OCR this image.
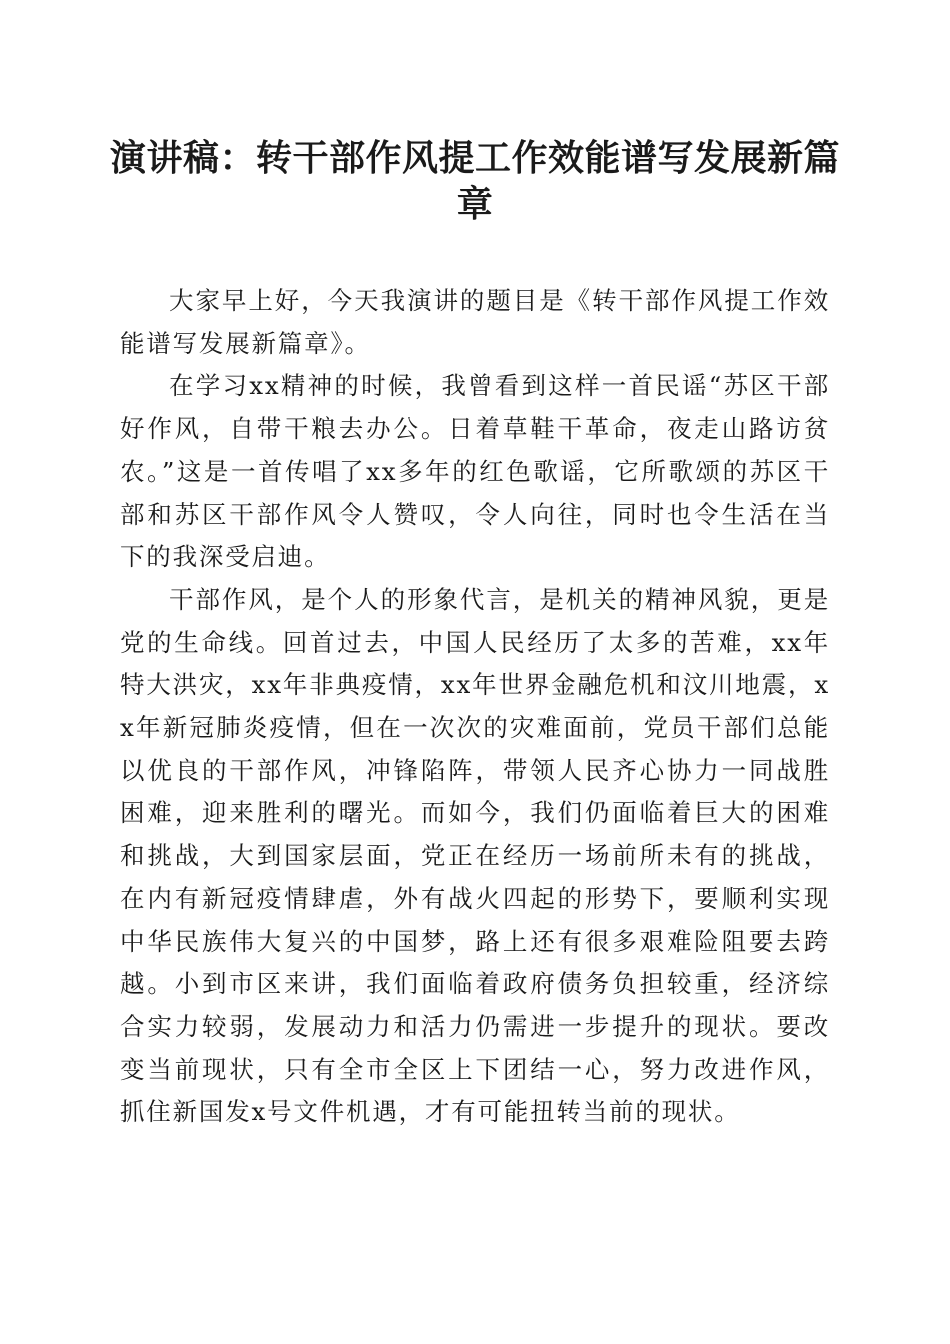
演讲稿：转干部作风提工作效能谱写发展新篇章

大家早上好，今天我演讲的题目是《转干部作风提工作效能谱写发展新篇章》。

在学习xx精神的时候，我曾看到这样一首民谣“苏区干部好作风，自带干粮去办公。日着草鞋干革命，夜走山路访贫农。”这是一首传唱了xx多年的红色歌谣，它所歌颂的苏区干部和苏区干部作风令人赞叹，令人向往，同时也令生活在当下的我深受启迪。

干部作风，是个人的形象代言，是机关的精神风貌，更是党的生命线。回首过去，中国人民经历了太多的苦难，xx年特大洪灾，xx年非典疫情，xx年世界金融危机和汶川地震，xx年新冠肺炎疫情，但在一次次的灾难面前，党员干部们总能以优良的干部作风，冲锋陷阵，带领人民齐心协力一同战胜困难，迎来胜利的曙光。而如今，我们仍面临着巨大的困难和挑战，大到国家层面，党正在经历一场前所未有的挑战，在内有新冠疫情肆虐，外有战火四起的形势下，要顺利实现中华民族伟大复兴的中国梦，路上还有很多艰难险阻要去跨越。小到市区来讲，我们面临着政府债务负担较重，经济综合实力较弱，发展动力和活力仍需进一步提升的现状。要改变当前现状，只有全市全区上下团结一心，努力改进作风，抓住新国发x号文件机遇，才有可能扭转当前的现状。
